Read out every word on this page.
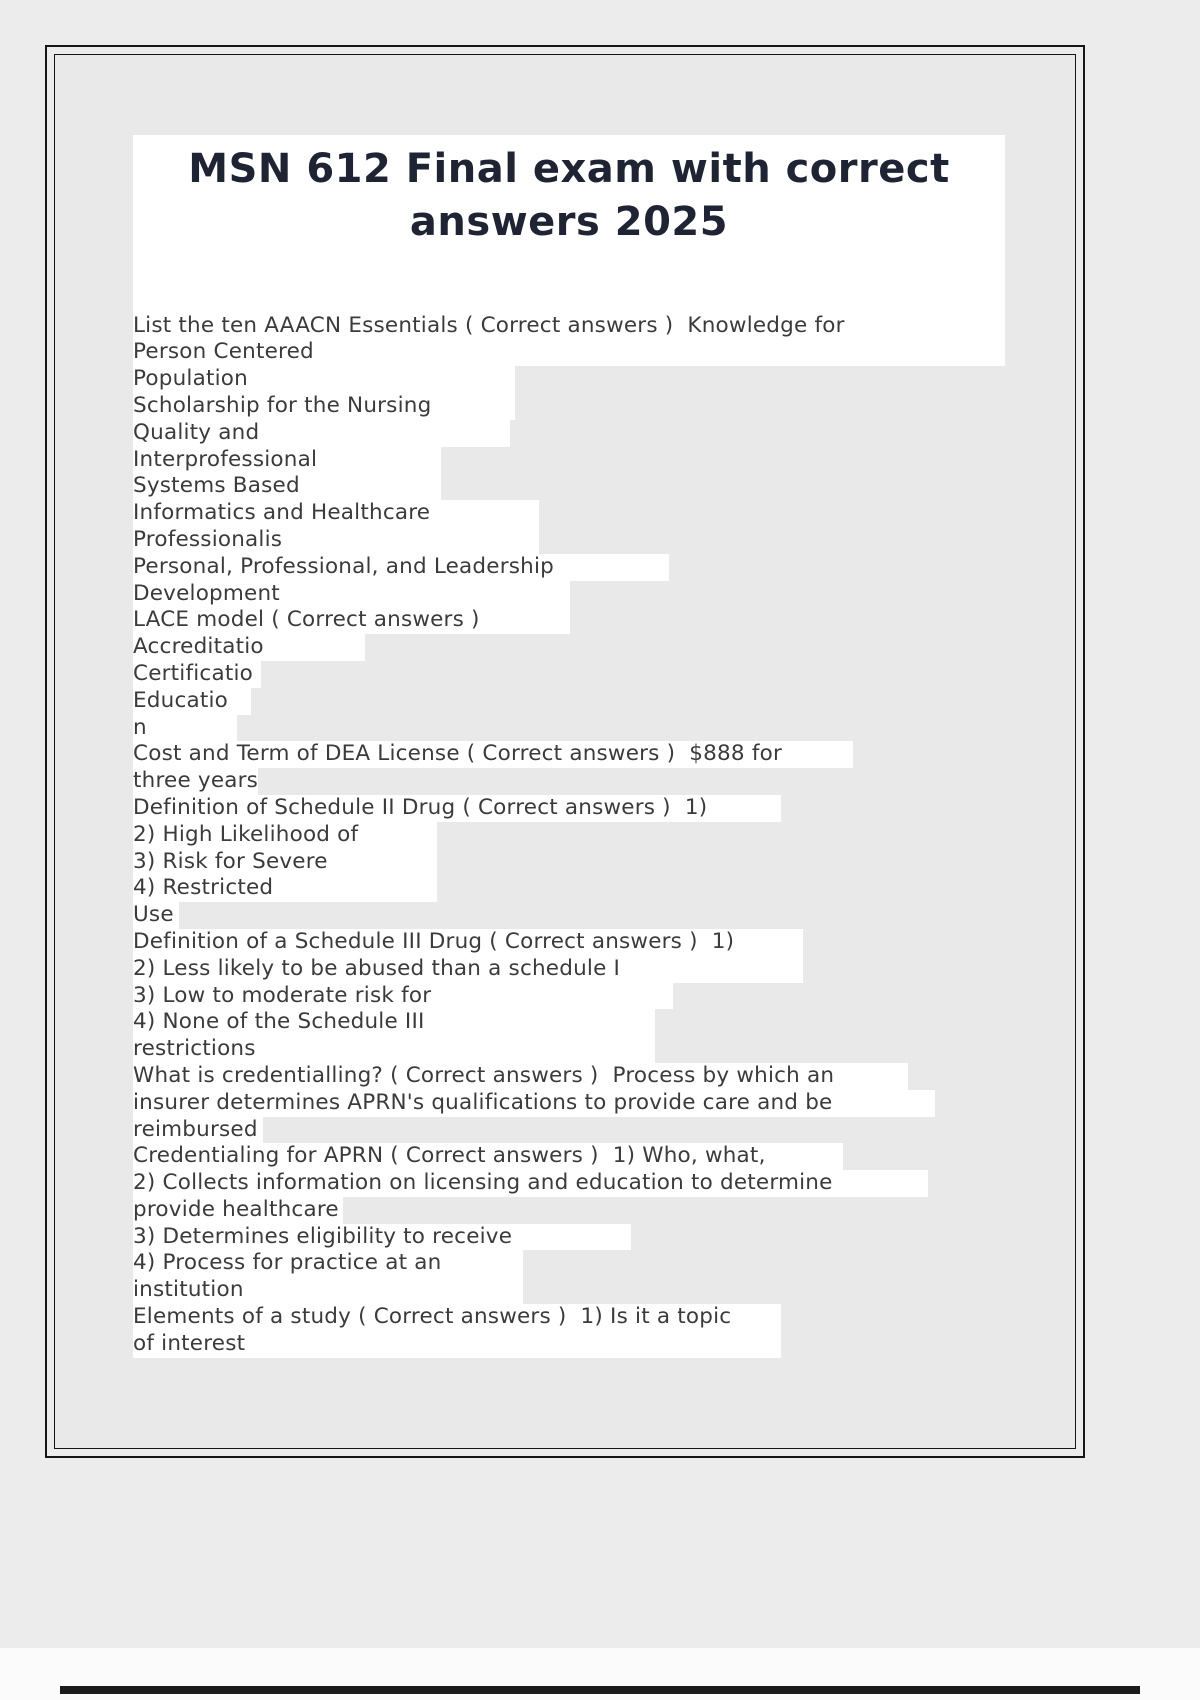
MSN 612 Final exam with correct answers 2025
List the ten AAACN Essentials ( Correct answers )  Knowledge for
Person Centered
Population
Scholarship for the Nursing
Quality and
Interprofessional
Systems Based
Informatics and Healthcare
Professionalis
Personal, Professional, and Leadership
Development
LACE model ( Correct answers )
Accreditatio
Certificatio
Educatio
n
Cost and Term of DEA License ( Correct answers )  $888 for
three years
Definition of Schedule II Drug ( Correct answers )  1)
2) High Likelihood of
3) Risk for Severe
4) Restricted
Use
Definition of a Schedule III Drug ( Correct answers )  1)
2) Less likely to be abused than a schedule I
3) Low to moderate risk for
4) None of the Schedule III
restrictions
What is credentialling? ( Correct answers )  Process by which an
insurer determines APRN's qualifications to provide care and be
reimbursed
Credentialing for APRN ( Correct answers )  1) Who, what,
2) Collects information on licensing and education to determine
provide healthcare
3) Determines eligibility to receive
4) Process for practice at an
institution
Elements of a study ( Correct answers )  1) Is it a topic
of interest
